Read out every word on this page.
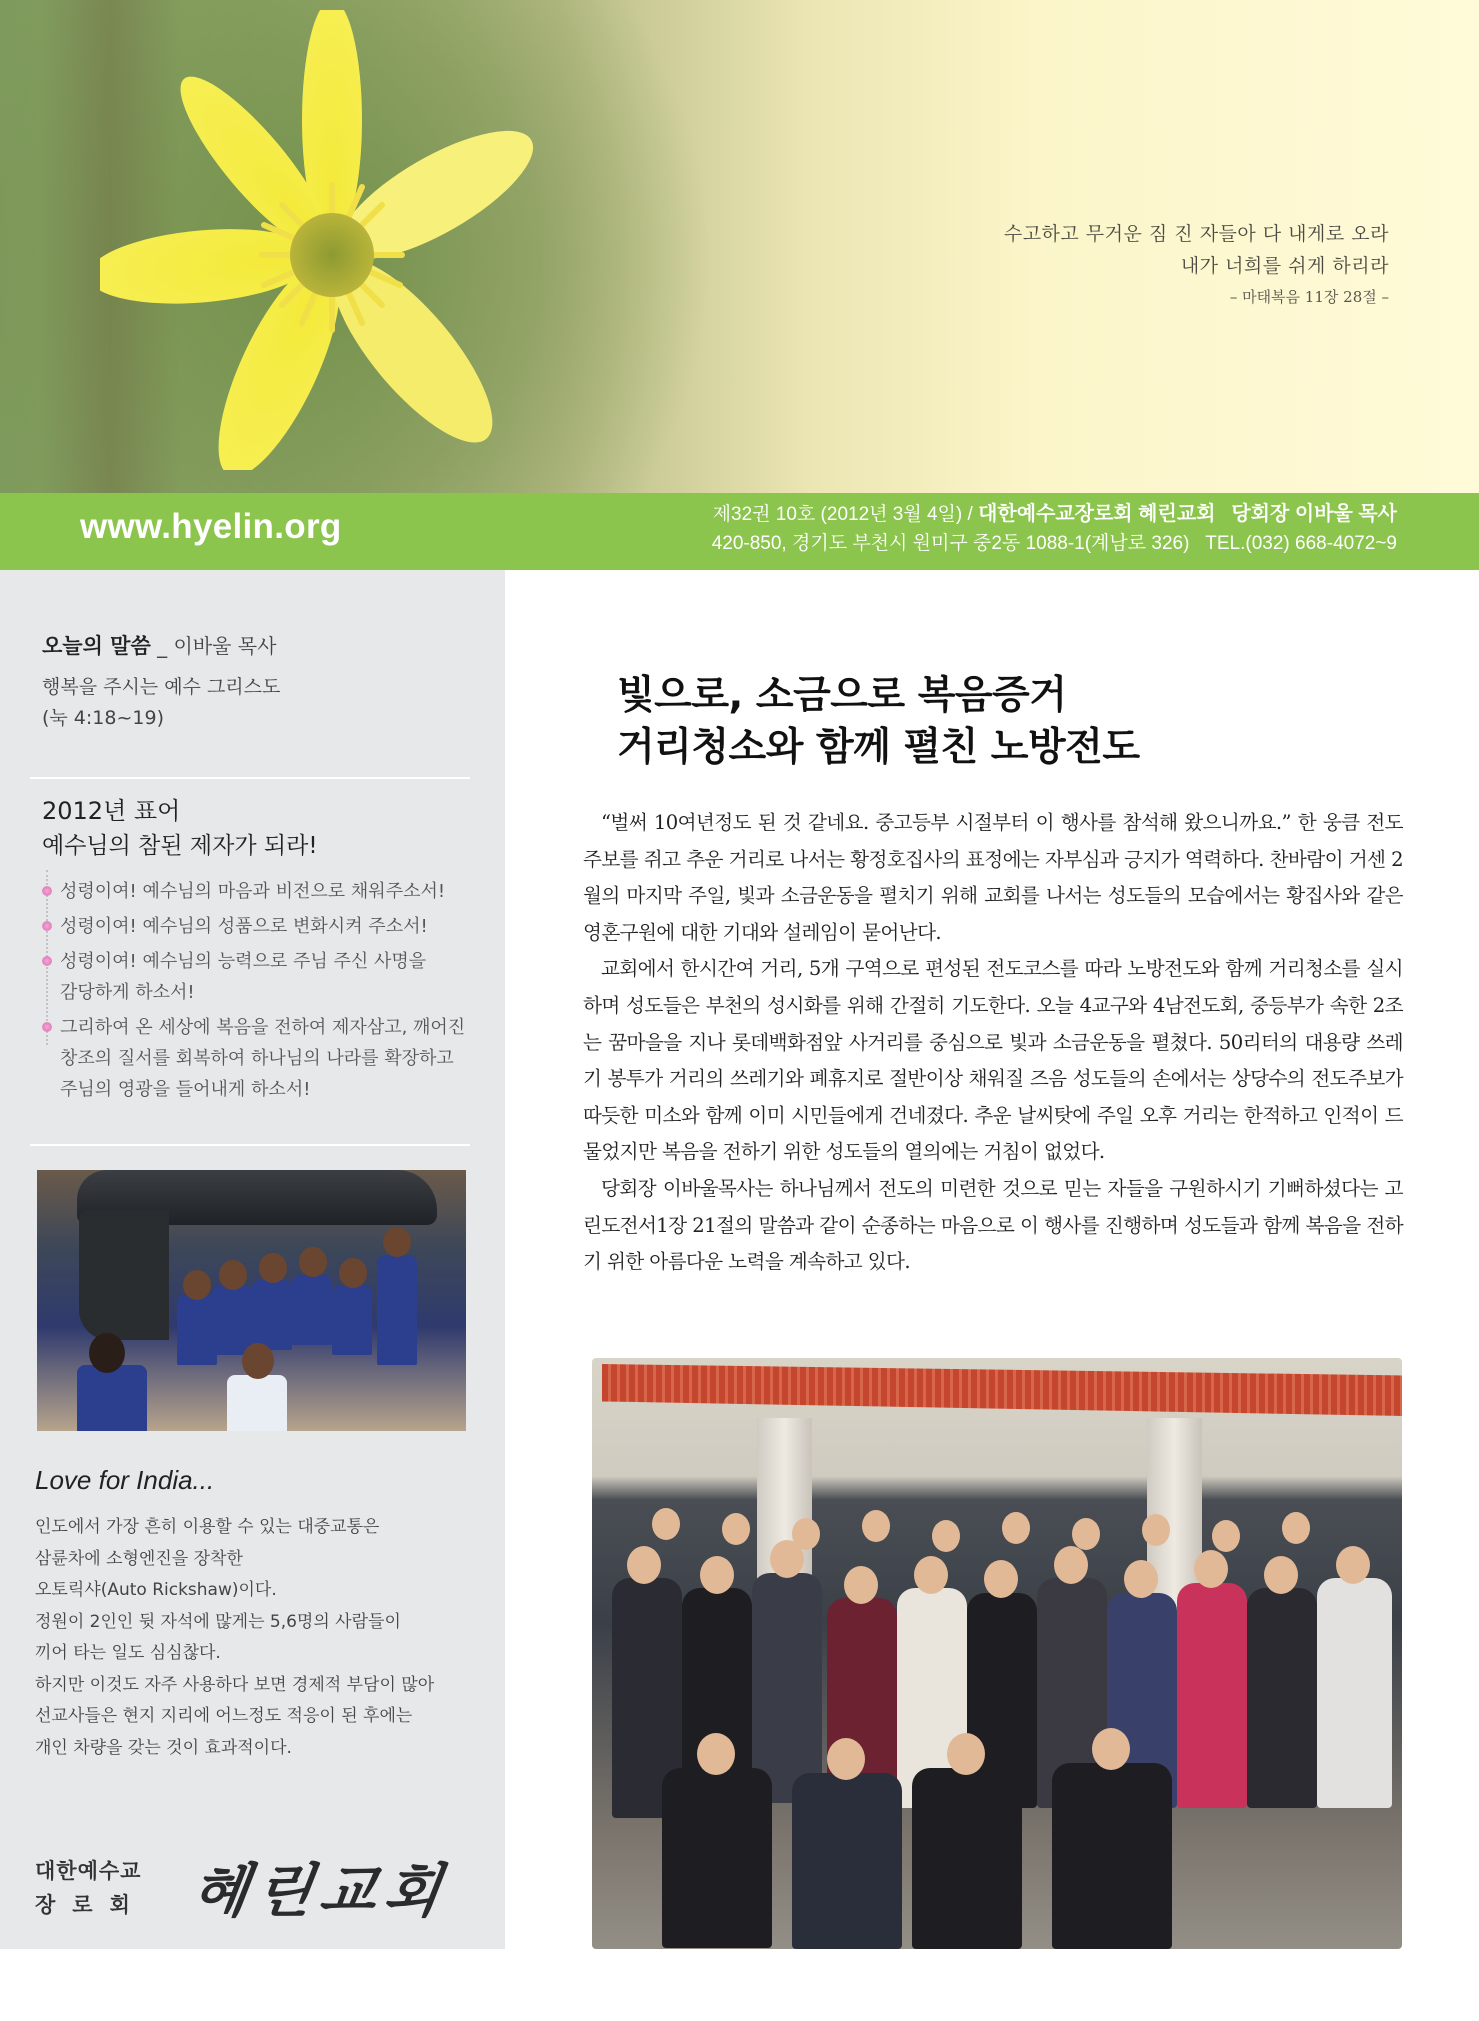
수고하고 무거운 짐 진 자들아 다 내게로 오라
내가 너희를 쉬게 하리라
– 마태복음 11장 28절 –
www.hyelin.org	제32권 10호 (2012년 3월 4일) / 대한예수교장로회 혜린교회 당회장 이바울 목사
420-850, 경기도 부천시 원미구 중2동 1088-1(계남로 326) TEL.(032) 668-4072~9
오늘의 말씀 _ 이바울 목사
행복을 주시는 예수 그리스도
(눅 4:18~19)
2012년 표어
예수님의 참된 제자가 되라!
성령이여! 예수님의 마음과 비전으로 채워주소서!
성령이여! 예수님의 성품으로 변화시켜 주소서!
성령이여! 예수님의 능력으로 주님 주신 사명을 감당하게 하소서!
그리하여 온 세상에 복음을 전하여 제자삼고, 깨어진 창조의 질서를 회복하여 하나님의 나라를 확장하고 주님의 영광을 들어내게 하소서!
Love for India...
인도에서 가장 흔히 이용할 수 있는 대중교통은
삼륜차에 소형엔진을 장착한
오토릭샤(Auto Rickshaw)이다.
정원이 2인인 뒷 자석에 많게는 5,6명의 사람들이
끼어 타는 일도 심심찮다.
하지만 이것도 자주 사용하다 보면 경제적 부담이 많아
선교사들은 현지 지리에 어느정도 적응이 된 후에는
개인 차량을 갖는 것이 효과적이다.
대한예수교
장로회 혜린교회
빛으로, 소금으로 복음증거
거리청소와 함께 펼친 노방전도

“벌써 10여년정도 된 것 같네요. 중고등부 시절부터 이 행사를 참석해 왔으니까요.” 한 웅큼 전도주보를 쥐고 추운 거리로 나서는 황정호집사의 표정에는 자부심과 긍지가 역력하다. 찬바람이 거센 2월의 마지막 주일, 빛과 소금운동을 펼치기 위해 교회를 나서는 성도들의 모습에서는 황집사와 같은 영혼구원에 대한 기대와 설레임이 묻어난다.

교회에서 한시간여 거리, 5개 구역으로 편성된 전도코스를 따라 노방전도와 함께 거리청소를 실시하며 성도들은 부천의 성시화를 위해 간절히 기도한다. 오늘 4교구와 4남전도회, 중등부가 속한 2조는 꿈마을을 지나 롯데백화점앞 사거리를 중심으로 빛과 소금운동을 펼쳤다. 50리터의 대용량 쓰레기 봉투가 거리의 쓰레기와 폐휴지로 절반이상 채워질 즈음 성도들의 손에서는 상당수의 전도주보가 따듯한 미소와 함께 이미 시민들에게 건네졌다. 추운 날씨탓에 주일 오후 거리는 한적하고 인적이 드물었지만 복음을 전하기 위한 성도들의 열의에는 거침이 없었다.

당회장 이바울목사는 하나님께서 전도의 미련한 것으로 믿는 자들을 구원하시기 기뻐하셨다는 고린도전서1장 21절의 말씀과 같이 순종하는 마음으로 이 행사를 진행하며 성도들과 함께 복음을 전하기 위한 아름다운 노력을 계속하고 있다.
